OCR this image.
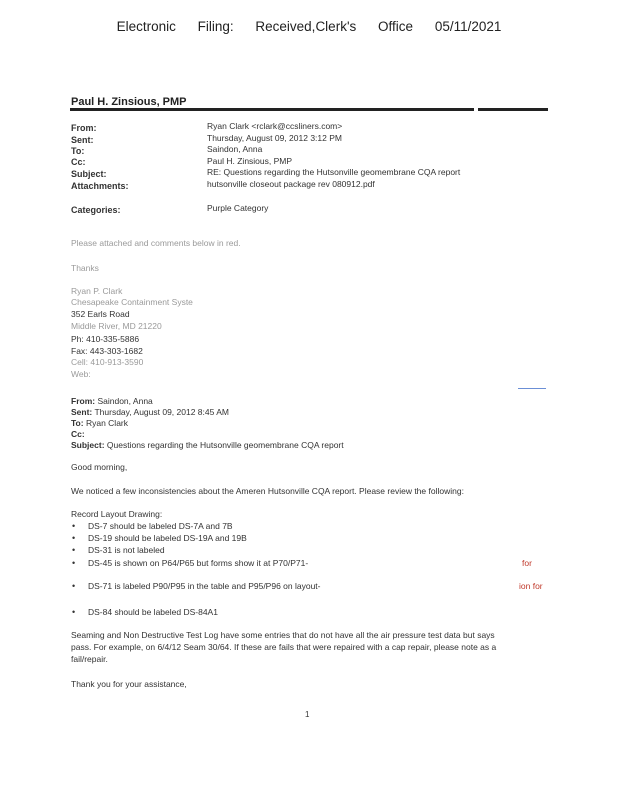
Electronic Filing: Received,Clerk's Office 05/11/2021
Paul H. Zinsious, PMP
From:	Ryan Clark <rclark@ccsliners.com>
Sent:	Thursday, August 09, 2012 3:12 PM
To:	Saindon, Anna
Cc:	Paul H. Zinsious, PMP
Subject:	RE: Questions regarding the Hutsonville geomembrane CQA report
Attachments:	hutsonville closeout package rev 080912.pdf
Categories:	Purple Category
Please attached and comments below in red.
Thanks
Ryan P. Clark
Chesapeake Containment Syste
352 Earls Road
Middle River, MD 21220
Ph: 410-335-5886
Fax: 443-303-1682
Cell: 410-913-3590
Web:
From: Saindon, Anna
Sent: Thursday, August 09, 2012 8:45 AM
To: Ryan Clark
Cc:
Subject: Questions regarding the Hutsonville geomembrane CQA report
Good morning,
We noticed a few inconsistencies about the Ameren Hutsonville CQA report. Please review the following:
Record Layout Drawing:
• DS-7 should be labeled DS-7A and 7B
• DS-19 should be labeled DS-19A and 19B
• DS-31 is not labeled
• DS-45 is shown on P64/P65 but forms show it at P70/P71-
• DS-71 is labeled P90/P95 in the table and P95/P96 on layout-
• DS-84 should be labeled DS-84A1
for
ion for
Seaming and Non Destructive Test Log have some entries that do not have all the air pressure test data but says
pass. For example, on 6/4/12 Seam 30/64. If these are fails that were repaired with a cap repair, please note as a
fail/repair.
Thank you for your assistance,
1
